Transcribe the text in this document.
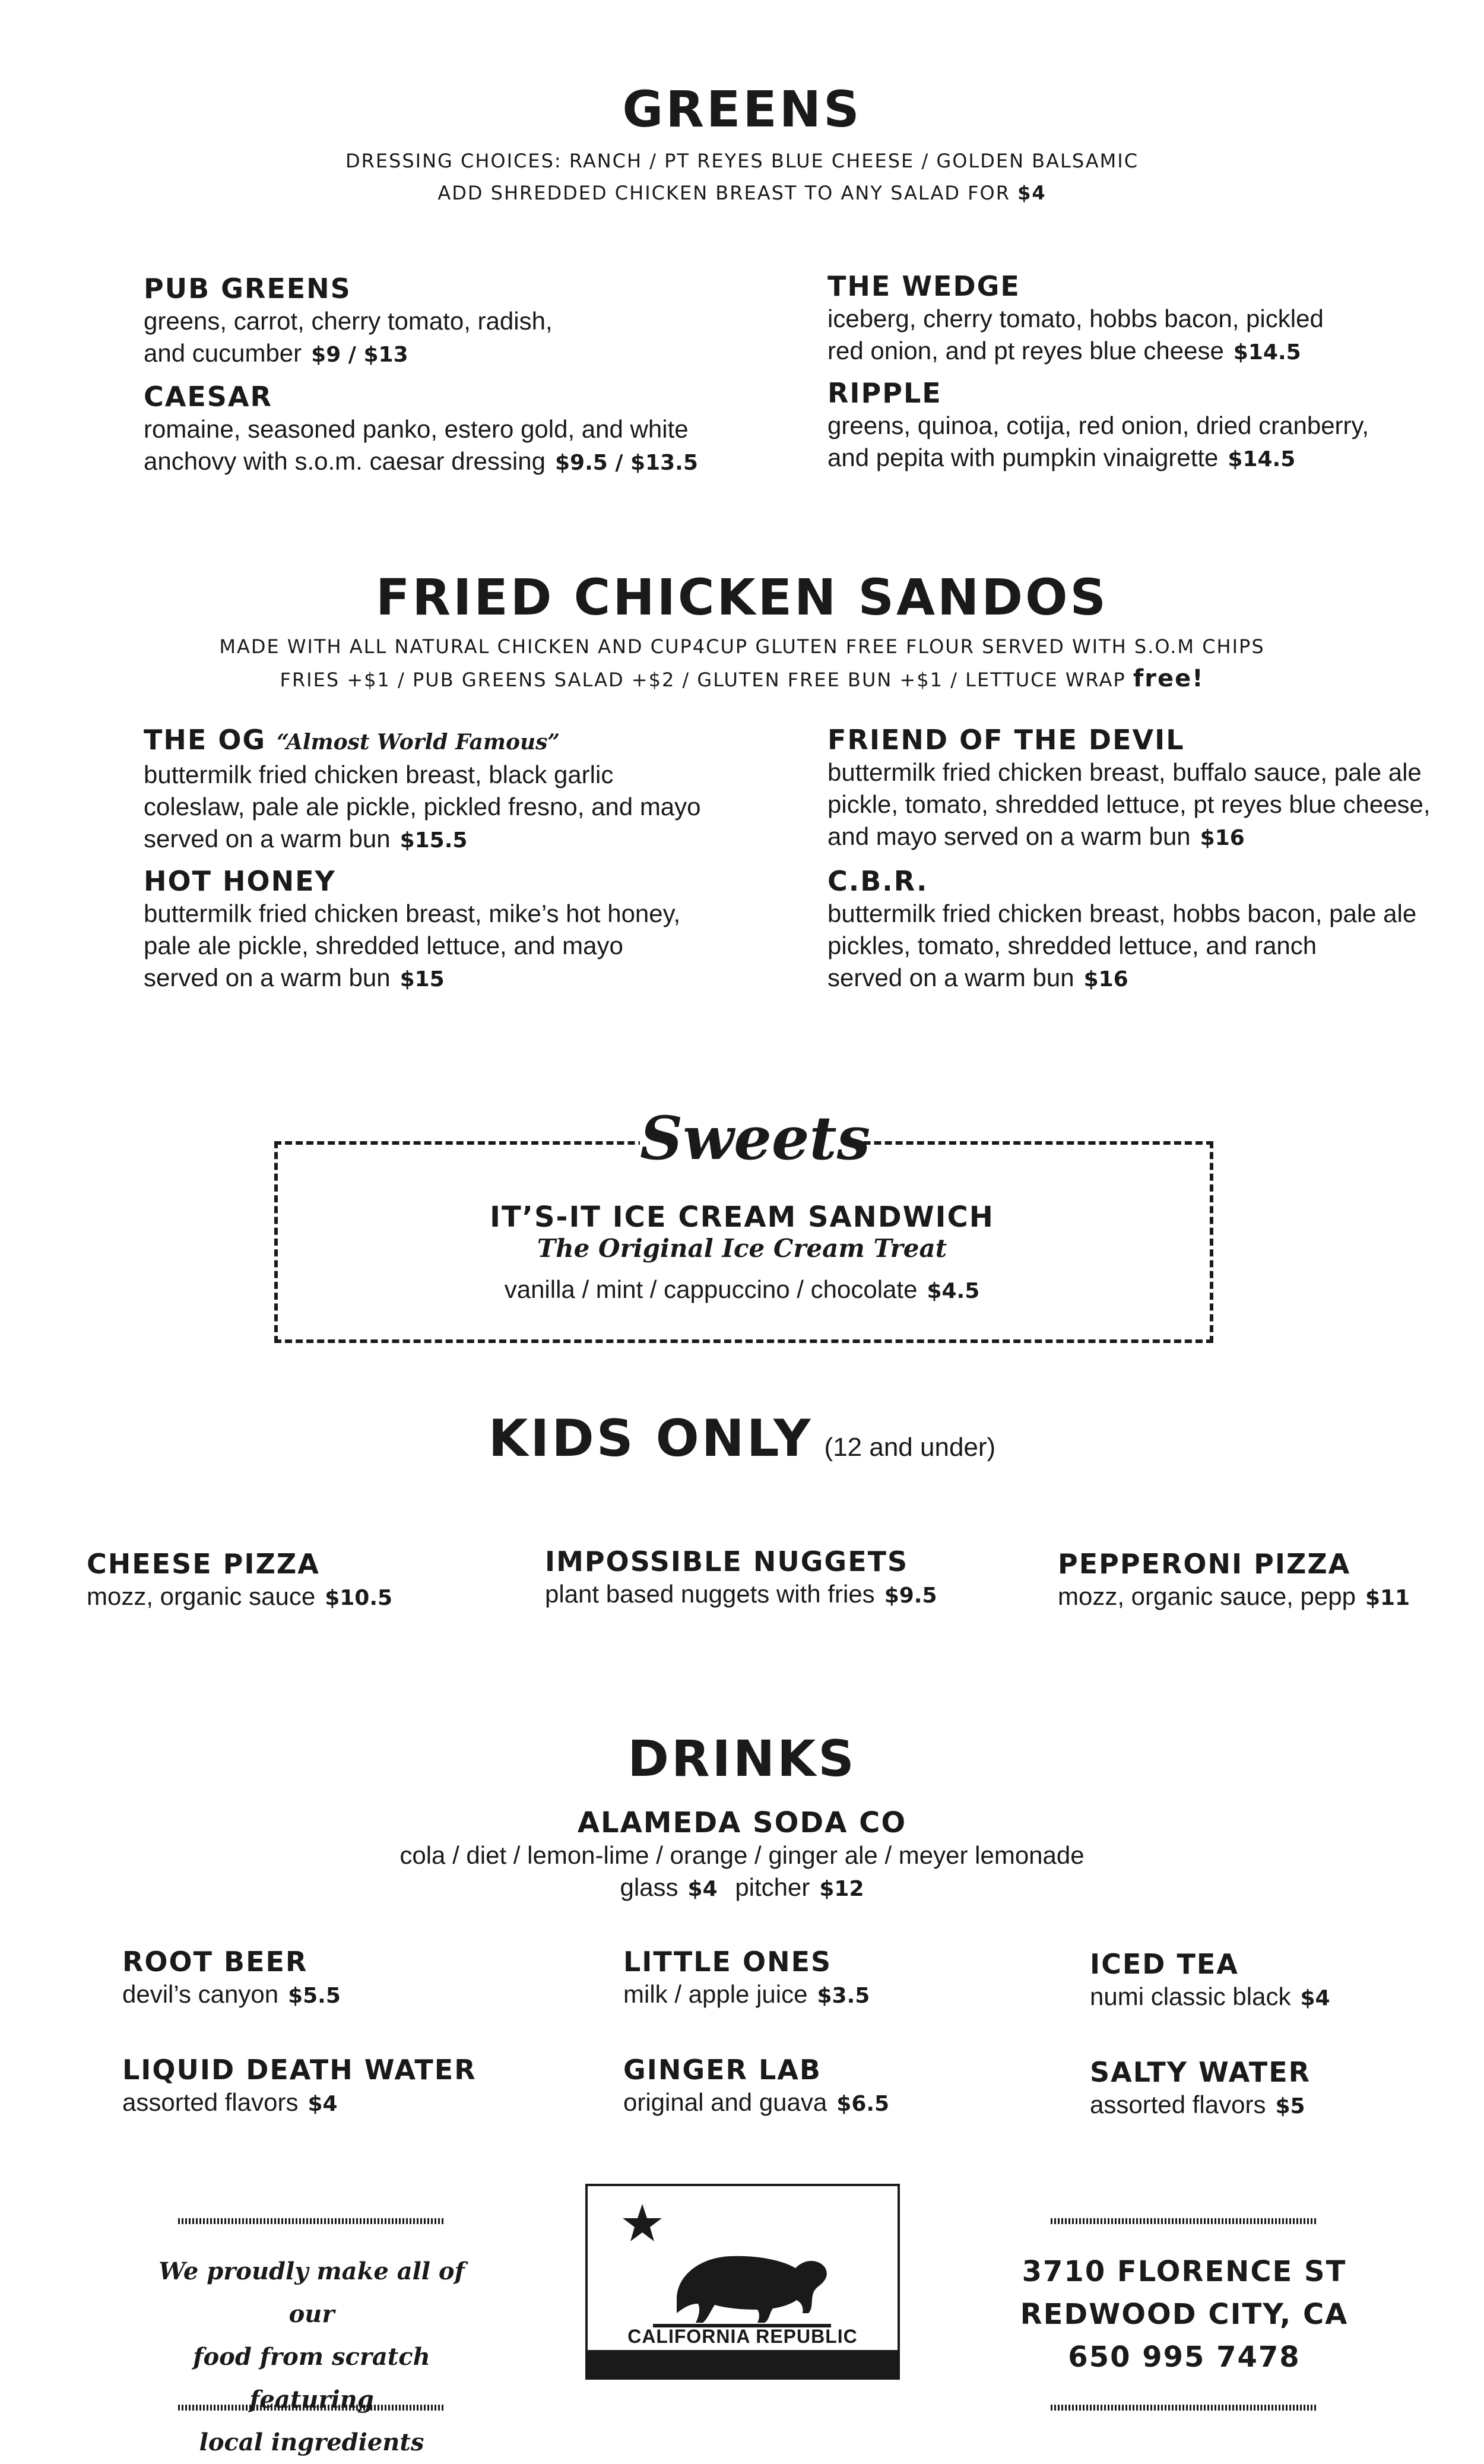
GREENS
DRESSING CHOICES: RANCH / PT REYES BLUE CHEESE / GOLDEN BALSAMIC
ADD SHREDDED CHICKEN BREAST TO ANY SALAD FOR $4
PUB GREENS
greens, carrot, cherry tomato, radish,
and cucumber $9 / $13
CAESAR
romaine, seasoned panko, estero gold, and white
anchovy with s.o.m. caesar dressing $9.5 / $13.5
THE WEDGE
iceberg, cherry tomato, hobbs bacon, pickled
red onion, and pt reyes blue cheese $14.5
RIPPLE
greens, quinoa, cotija, red onion, dried cranberry,
and pepita with pumpkin vinaigrette $14.5
FRIED CHICKEN SANDOS
MADE WITH ALL NATURAL CHICKEN AND CUP4CUP GLUTEN FREE FLOUR SERVED WITH S.O.M CHIPS
FRIES +$1 / PUB GREENS SALAD +$2 / GLUTEN FREE BUN +$1 / LETTUCE WRAP free!
THE OG “Almost World Famous”
buttermilk fried chicken breast, black garlic
coleslaw, pale ale pickle, pickled fresno, and mayo
served on a warm bun $15.5
HOT HONEY
buttermilk fried chicken breast, mike’s hot honey,
pale ale pickle, shredded lettuce, and mayo
served on a warm bun $15
FRIEND OF THE DEVIL
buttermilk fried chicken breast, buffalo sauce, pale ale
pickle, tomato, shredded lettuce, pt reyes blue cheese,
and mayo served on a warm bun $16
C.B.R.
buttermilk fried chicken breast, hobbs bacon, pale ale
pickles, tomato, shredded lettuce, and ranch
served on a warm bun $16
Sweets
IT’S-IT ICE CREAM SANDWICH
The Original Ice Cream Treat
vanilla / mint / cappuccino / chocolate $4.5
KIDS ONLY (12 and under)
CHEESE PIZZA
mozz, organic sauce $10.5
IMPOSSIBLE NUGGETS
plant based nuggets with fries $9.5
PEPPERONI PIZZA
mozz, organic sauce, pepp $11
DRINKS
ALAMEDA SODA CO
cola / diet / lemon-lime / orange / ginger ale / meyer lemonade
glass $4 pitcher $12
ROOT BEER
devil’s canyon $5.5
LITTLE ONES
milk / apple juice $3.5
ICED TEA
numi classic black $4
LIQUID DEATH WATER
assorted flavors $4
GINGER LAB
original and guava $6.5
SALTY WATER
assorted flavors $5
We proudly make all of our
food from scratch featuring
local ingredients
CALIFORNIA REPUBLIC
3710 FLORENCE ST
REDWOOD CITY, CA
650 995 7478
